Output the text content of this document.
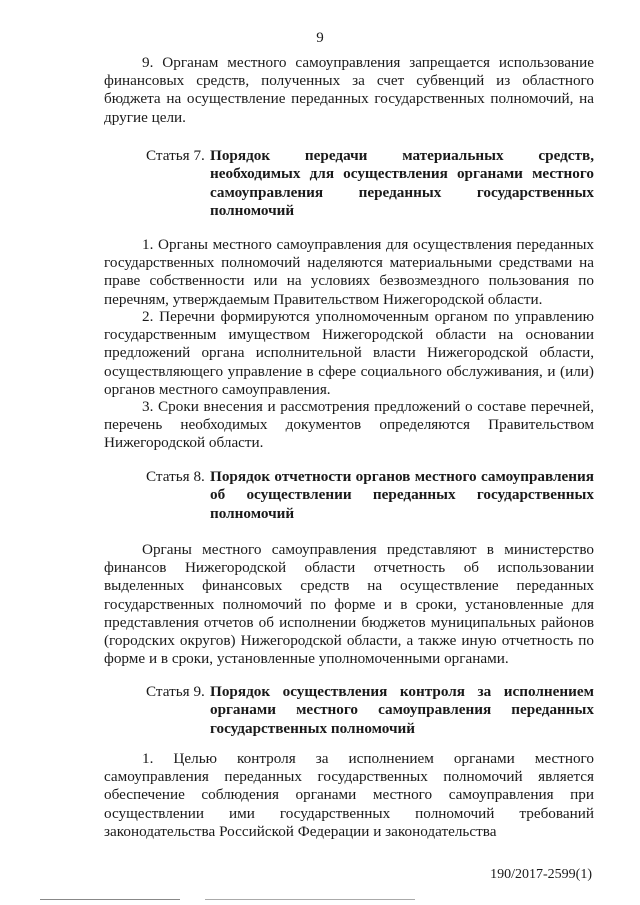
9

9. Органам местного самоуправления запрещается использование финансовых средств, полученных за счет субвенций из областного бюджета на осуществление переданных государственных полномочий, на другие цели.

Статья 7. Порядок передачи материальных средств, необходимых для осуществления органами местного самоуправления переданных государственных полномочий

1. Органы местного самоуправления для осуществления переданных государственных полномочий наделяются материальными средствами на праве собственности или на условиях безвозмездного пользования по перечням, утверждаемым Правительством Нижегородской области.

2. Перечни формируются уполномоченным органом по управлению государственным имуществом Нижегородской области на основании предложений органа исполнительной власти Нижегородской области, осуществляющего управление в сфере социального обслуживания, и (или) органов местного самоуправления.

3. Сроки внесения и рассмотрения предложений о составе перечней, перечень необходимых документов определяются Правительством Нижегородской области.

Статья 8. Порядок отчетности органов местного самоуправления об осуществлении переданных государственных полномочий

Органы местного самоуправления представляют в министерство финансов Нижегородской области отчетность об использовании выделенных финансовых средств на осуществление переданных государственных полномочий по форме и в сроки, установленные для представления отчетов об исполнении бюджетов муниципальных районов (городских округов) Нижегородской области, а также иную отчетность по форме и в сроки, установленные уполномоченными органами.

Статья 9. Порядок осуществления контроля за исполнением органами местного самоуправления переданных государственных полномочий

1. Целью контроля за исполнением органами местного самоуправления переданных государственных полномочий является обеспечение соблюдения органами местного самоуправления при осуществлении ими государственных полномочий требований законодательства Российской Федерации и законодательства

190/2017-2599(1)
